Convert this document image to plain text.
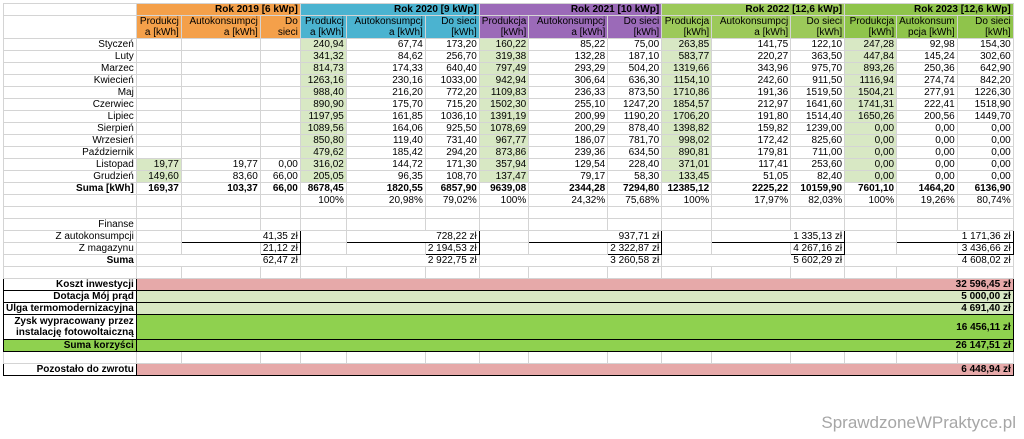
	Rok 2019 [6 kWp]			Rok 2020 [9 kWp]			Rok 2021 [10 kWp]			Rok 2022 [12,6 kWp]			Rok 2023 [12,6 kWp]		
	Produkcj a [kWh]	Autokonsumpcj a [kWh]	Do sieci	Produkcj a [kWh]	Autokonsumpcj a [kWh]	Do sieci [kWh]	Produkcja [kWh]	Autokonsumpcj a [kWh]	Do sieci [kWh]	Produkcja [kWh]	Autokonsumpcj a [kWh]	Do sieci [kWh]	Produkcja [kWh]	Autokonsum pcja [kWh]	Do sieci [kWh]
Styczeń				240,94	67,74	173,20	160,22	85,22	75,00	263,85	141,75	122,10	247,28	92,98	154,30
Luty				341,32	84,62	256,70	319,38	132,28	187,10	583,77	220,27	363,50	447,84	145,24	302,60
Marzec				814,73	174,33	640,40	797,49	293,29	504,20	1319,66	343,96	975,70	893,26	250,36	642,90
Kwiecień				1263,16	230,16	1033,00	942,94	306,64	636,30	1154,10	242,60	911,50	1116,94	274,74	842,20
Maj				988,40	216,20	772,20	1109,83	236,33	873,50	1710,86	191,36	1519,50	1504,21	277,91	1226,30
Czerwiec				890,90	175,70	715,20	1502,30	255,10	1247,20	1854,57	212,97	1641,60	1741,31	222,41	1518,90
Lipiec				1197,95	161,85	1036,10	1391,19	200,99	1190,20	1706,20	191,80	1514,40	1650,26	200,56	1449,70
Sierpień				1089,56	164,06	925,50	1078,69	200,29	878,40	1398,82	159,82	1239,00	0,00	0,00	0,00
Wrzesień				850,80	119,40	731,40	967,77	186,07	781,70	998,02	172,42	825,60	0,00	0,00	0,00
Październik				479,62	185,42	294,20	873,86	239,36	634,50	890,81	179,81	711,00	0,00	0,00	0,00
Listopad	19,77	19,77	0,00	316,02	144,72	171,30	357,94	129,54	228,40	371,01	117,41	253,60	0,00	0,00	0,00
Grudzień	149,60	83,60	66,00	205,05	96,35	108,70	137,47	79,17	58,30	133,45	51,05	82,40	0,00	0,00	0,00
Suma [kWh]	169,37	103,37	66,00	8678,45	1820,55	6857,90	9639,08	2344,28	7294,80	12385,12	2225,22	10159,90	7601,10	1464,20	6136,90
				100%	20,98%	79,02%	100%	24,32%	75,68%	100%	17,97%	82,03%	100%	19,26%	80,74%

Finanse															
Z autokonsumpcji		41,35 zł			728,22 zł			937,71 zł			1 335,13 zł			1 171,36 zł	
Z magazynu			21,12 zł			2 194,53 zł			2 322,87 zł			4 267,16 zł			3 436,66 zł
Suma	62,47 zł			2 922,75 zł			3 260,58 zł			5 602,29 zł			4 608,02 zł		

Koszt inwestycji	32 596,45 zł														
Dotacja Mój prąd	5 000,00 zł														
Ulga termomodernizacyjna	4 691,40 zł														
Zysk wypracowany przez instalację fotowoltaiczną	16 456,11 zł														
Suma korzyści	26 147,51 zł														

Pozostało do zwrotu	6 448,94 zł														
SprawdzoneWPraktyce.pl
